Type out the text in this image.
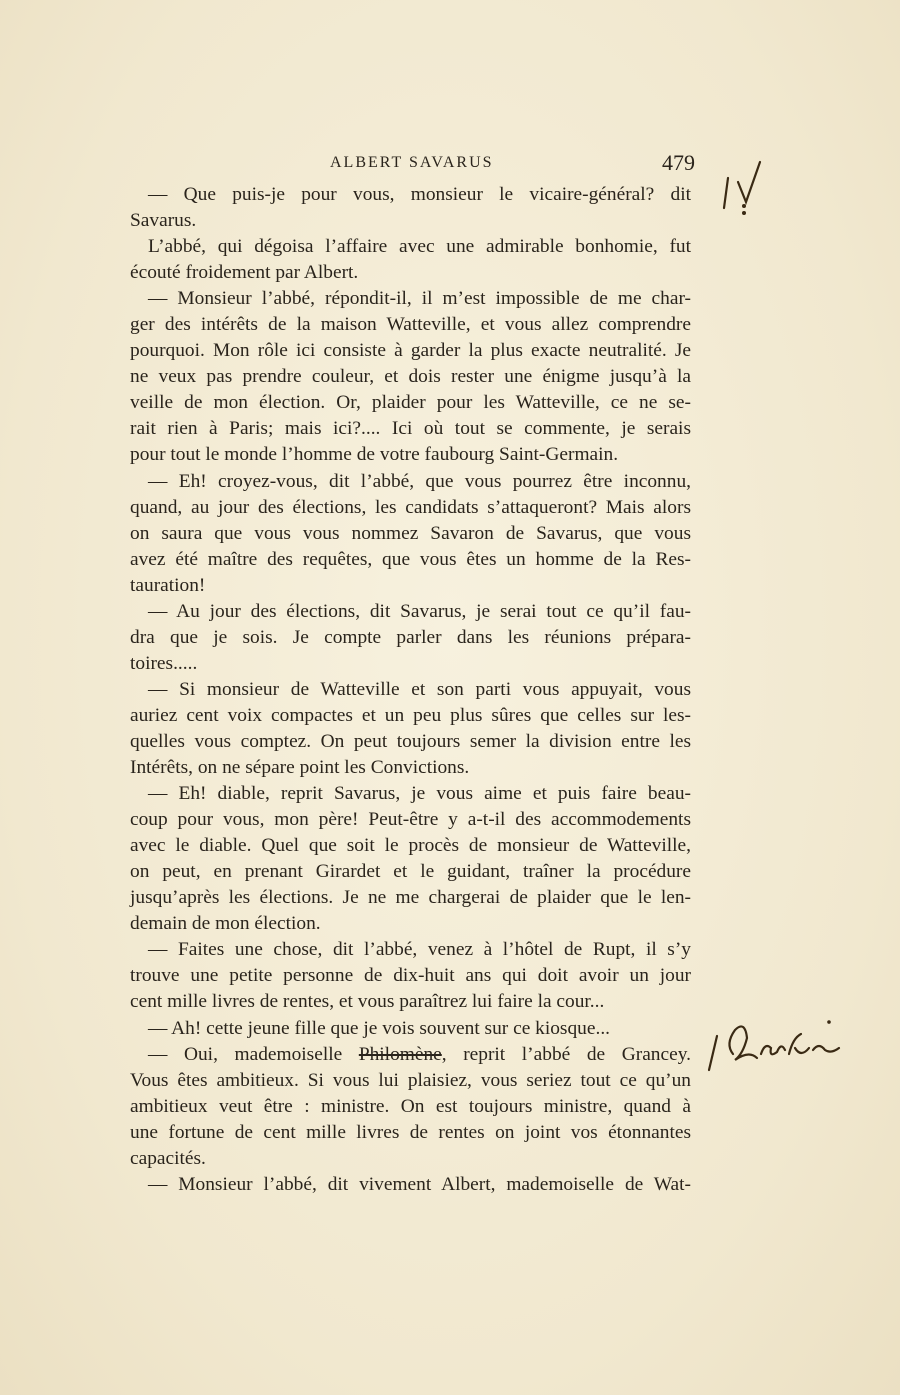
ALBERT SAVARUS	479
— Que puis-je pour vous, monsieur le vicaire-général? dit
Savarus.
L’abbé, qui dégoisa l’affaire avec une admirable bonhomie, fut
écouté froidement par Albert.
— Monsieur l’abbé, répondit-il, il m’est impossible de me char-
ger des intérêts de la maison Watteville, et vous allez comprendre
pourquoi. Mon rôle ici consiste à garder la plus exacte neutralité. Je
ne veux pas prendre couleur, et dois rester une énigme jusqu’à la
veille de mon élection. Or, plaider pour les Watteville, ce ne se-
rait rien à Paris; mais ici?.... Ici où tout se commente, je serais
pour tout le monde l’homme de votre faubourg Saint-Germain.
— Eh! croyez-vous, dit l’abbé, que vous pourrez être inconnu,
quand, au jour des élections, les candidats s’attaqueront? Mais alors
on saura que vous vous nommez Savaron de Savarus, que vous
avez été maître des requêtes, que vous êtes un homme de la Res-
tauration!
— Au jour des élections, dit Savarus, je serai tout ce qu’il fau-
dra que je sois. Je compte parler dans les réunions prépara-
toires.....
— Si monsieur de Watteville et son parti vous appuyait, vous
auriez cent voix compactes et un peu plus sûres que celles sur les-
quelles vous comptez. On peut toujours semer la division entre les
Intérêts, on ne sépare point les Convictions.
— Eh! diable, reprit Savarus, je vous aime et puis faire beau-
coup pour vous, mon père! Peut-être y a-t-il des accommodements
avec le diable. Quel que soit le procès de monsieur de Watteville,
on peut, en prenant Girardet et le guidant, traîner la procédure
jusqu’après les élections. Je ne me chargerai de plaider que le len-
demain de mon élection.
— Faites une chose, dit l’abbé, venez à l’hôtel de Rupt, il s’y
trouve une petite personne de dix-huit ans qui doit avoir un jour
cent mille livres de rentes, et vous paraîtrez lui faire la cour...
— Ah! cette jeune fille que je vois souvent sur ce kiosque...
— Oui, mademoiselle Philomène, reprit l’abbé de Grancey.
Vous êtes ambitieux. Si vous lui plaisiez, vous seriez tout ce qu’un
ambitieux veut être : ministre. On est toujours ministre, quand à
une fortune de cent mille livres de rentes on joint vos étonnantes
capacités.
— Monsieur l’abbé, dit vivement Albert, mademoiselle de Wat-
